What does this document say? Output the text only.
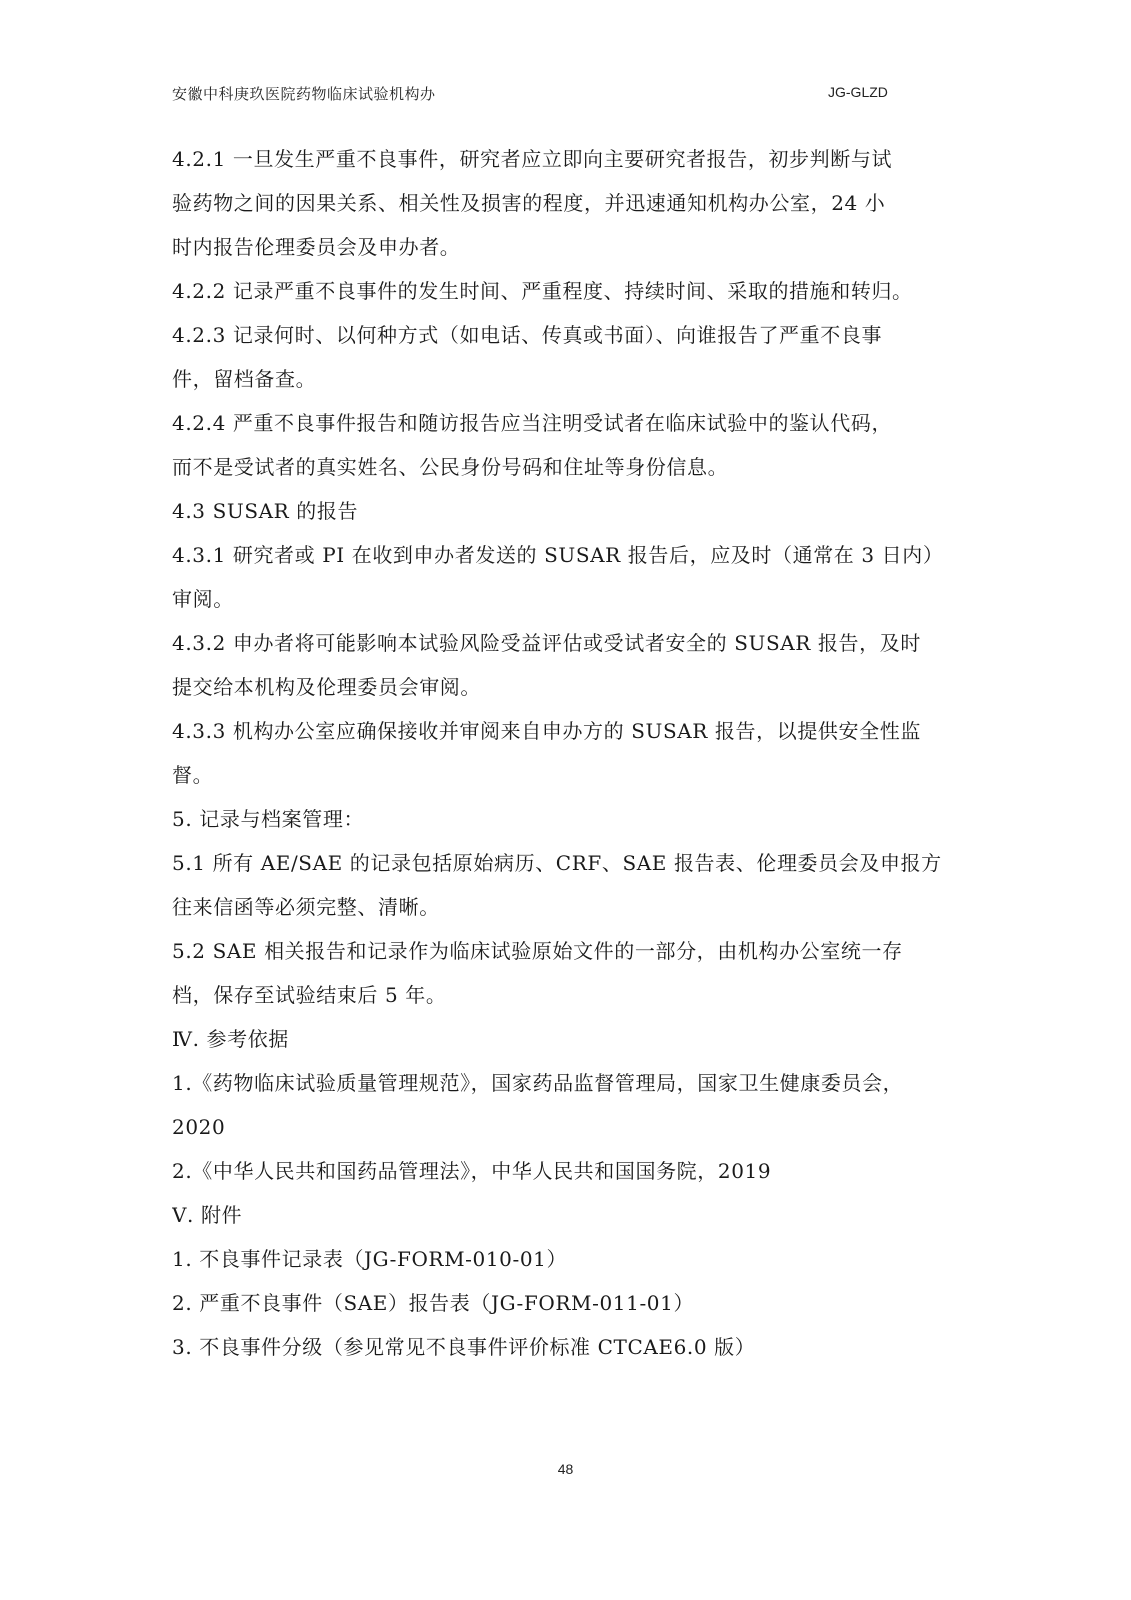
安徽中科庚玖医院药物临床试验机构办	JG-GLZD
4.2.1 一旦发生严重不良事件，研究者应立即向主要研究者报告，初步判断与试
验药物之间的因果关系、相关性及损害的程度，并迅速通知机构办公室，24 小
时内报告伦理委员会及申办者。
4.2.2 记录严重不良事件的发生时间、严重程度、持续时间、采取的措施和转归。
4.2.3 记录何时、以何种方式（如电话、传真或书面）、向谁报告了严重不良事
件，留档备查。
4.2.4 严重不良事件报告和随访报告应当注明受试者在临床试验中的鉴认代码，
而不是受试者的真实姓名、公民身份号码和住址等身份信息。
4.3 SUSAR 的报告
4.3.1 研究者或 PI 在收到申办者发送的 SUSAR 报告后，应及时（通常在 3 日内）
审阅。
4.3.2 申办者将可能影响本试验风险受益评估或受试者安全的 SUSAR 报告，及时
提交给本机构及伦理委员会审阅。
4.3.3 机构办公室应确保接收并审阅来自申办方的 SUSAR 报告，以提供安全性监
督。
5. 记录与档案管理：
5.1 所有 AE/SAE 的记录包括原始病历、CRF、SAE 报告表、伦理委员会及申报方
往来信函等必须完整、清晰。
5.2 SAE 相关报告和记录作为临床试验原始文件的一部分，由机构办公室统一存
档，保存至试验结束后 5 年。
Ⅳ. 参考依据
1.《药物临床试验质量管理规范》，国家药品监督管理局，国家卫生健康委员会，
2020
2.《中华人民共和国药品管理法》，中华人民共和国国务院，2019
Ⅴ. 附件
1. 不良事件记录表（JG-FORM-010-01）
2. 严重不良事件（SAE）报告表（JG-FORM-011-01）
3. 不良事件分级（参见常见不良事件评价标准 CTCAE6.0 版）
48
